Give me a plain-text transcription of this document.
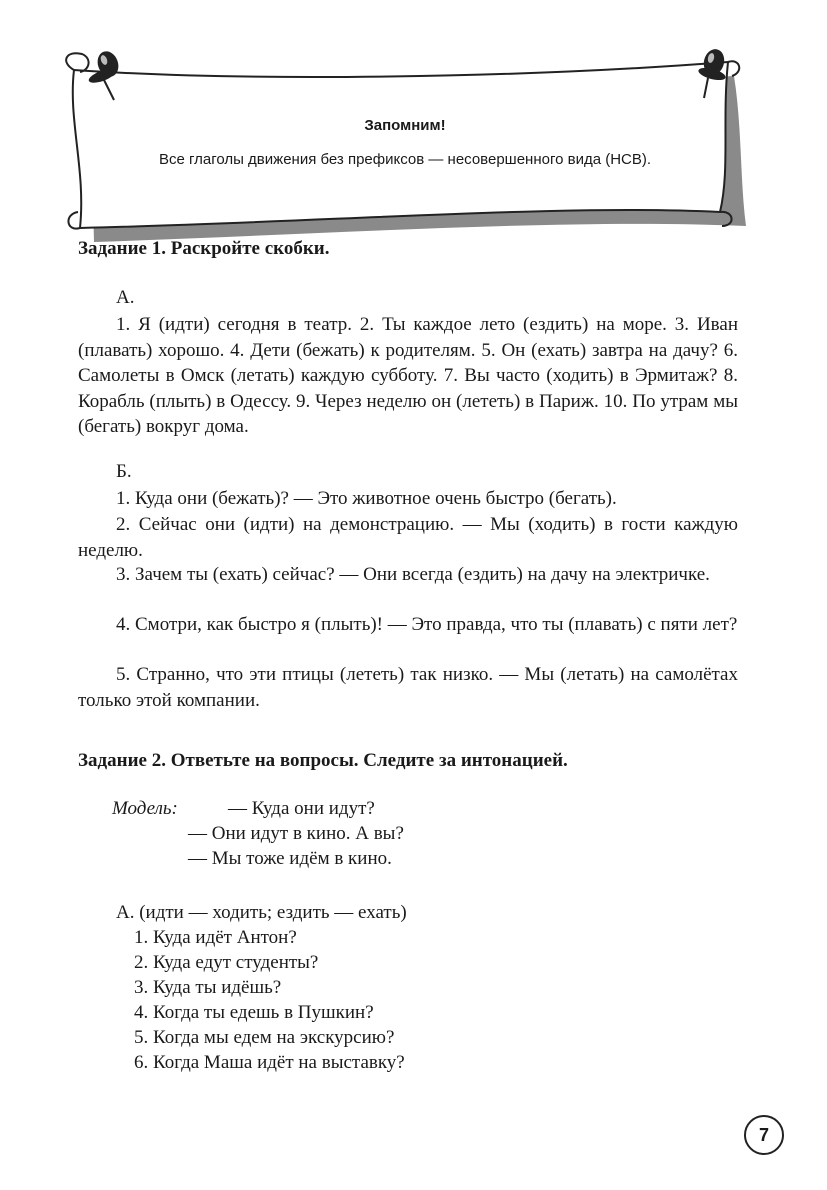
Запомним!
Все глаголы движения без префиксов — несовершенного вида (НСВ).
Задание 1. Раскройте скобки.
А.

1. Я (идти) сегодня в театр. 2. Ты каждое лето (ездить) на море. 3. Иван (плавать) хорошо. 4. Дети (бежать) к родителям. 5. Он (ехать) завтра на дачу? 6. Самолеты в Омск (летать) каждую субботу. 7. Вы часто (ходить) в Эрмитаж? 8. Корабль (плыть) в Одессу. 9. Через неделю он (лететь) в Париж. 10. По утрам мы (бегать) вокруг дома.

Б.

1. Куда они (бежать)? — Это животное очень быстро (бегать).

2. Сейчас они (идти) на демонстрацию. — Мы (ходить) в гости каждую неделю.

3. Зачем ты (ехать) сейчас? — Они всегда (ездить) на дачу на электричке.

4. Смотри, как быстро я (плыть)! — Это правда, что ты (плавать) с пяти лет?

5. Странно, что эти птицы (лететь) так низко. — Мы (летать) на самолётах только этой компании.

Задание 2. Ответьте на вопросы. Следите за интонацией.
Модель:	— Куда они идут?
— Они идут в кино. А вы?
— Мы тоже идём в кино.
А. (идти — ходить; ездить — ехать)
1. Куда идёт Антон?
2. Куда едут студенты?
3. Куда ты идёшь?
4. Когда ты едешь в Пушкин?
5. Когда мы едем на экскурсию?
6. Когда Маша идёт на выставку?
7
